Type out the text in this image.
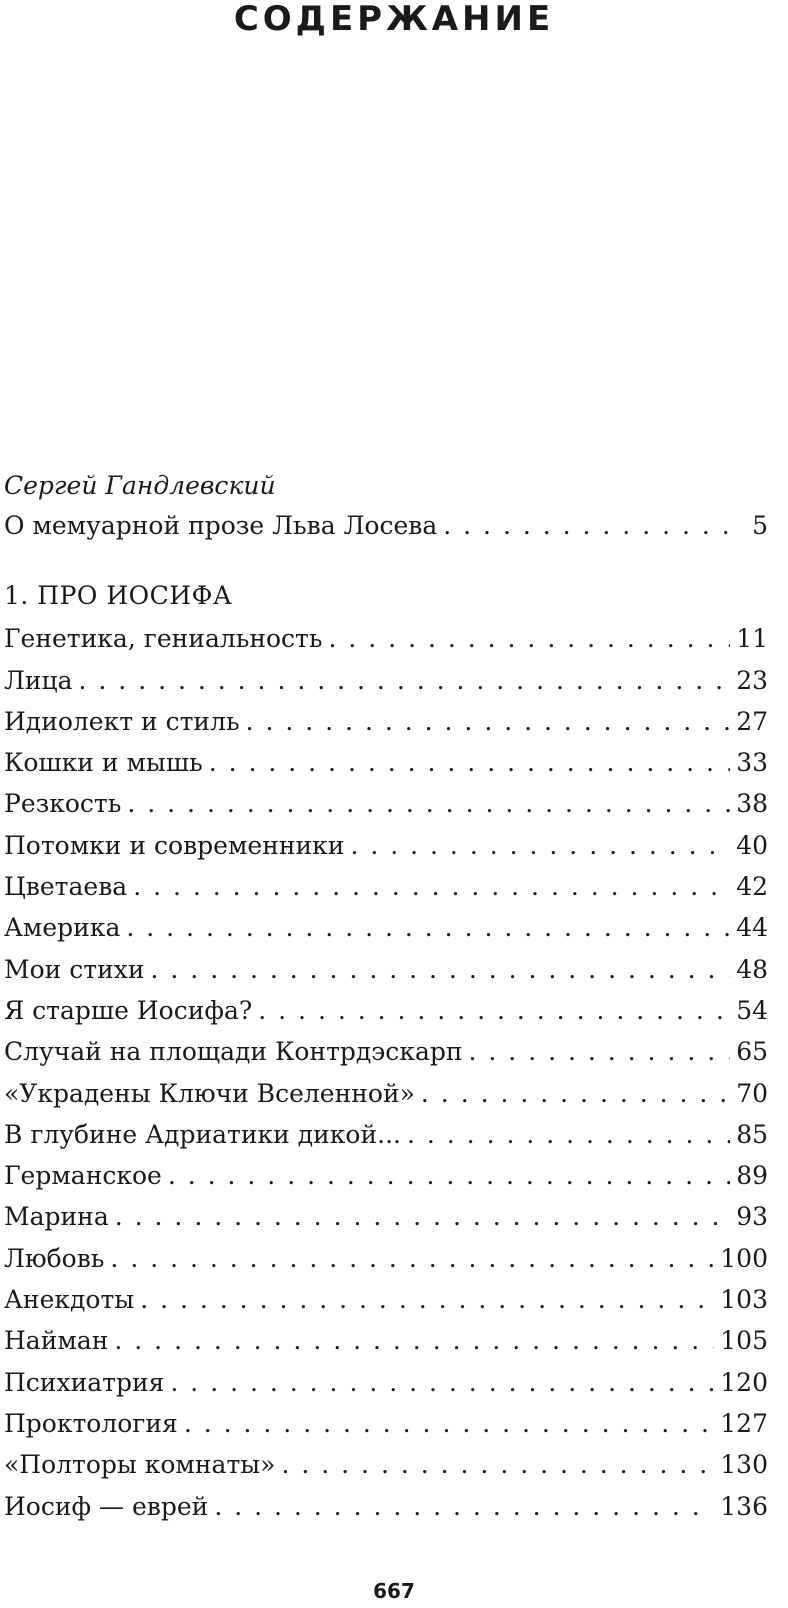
СОДЕРЖАНИЕ
Сергей Гандлевский
О мемуарной прозе Льва Лосева . . .	5
1. ПРО ИОСИФА
Генетика, гениальность . . .	11
Лица . . .	23
Идиолект и стиль . . .	27
Кошки и мышь . . .	33
Резкость . . .	38
Потомки и современники . . .	40
Цветаева . . .	42
Америка . . .	44
Мои стихи . . .	48
Я старше Иосифа? . . .	54
Случай на площади Контрдэскарп . . .	65
«Украдены Ключи Вселенной» . . .	70
В глубине Адриатики дикой... . . .	85
Германское . . .	89
Марина . . .	93
Любовь . . .	100
Анекдоты . . .	103
Найман . . .	105
Психиатрия . . .	120
Проктология . . .	127
«Полторы комнаты» . . .	130
Иосиф — еврей . . .	136
667
